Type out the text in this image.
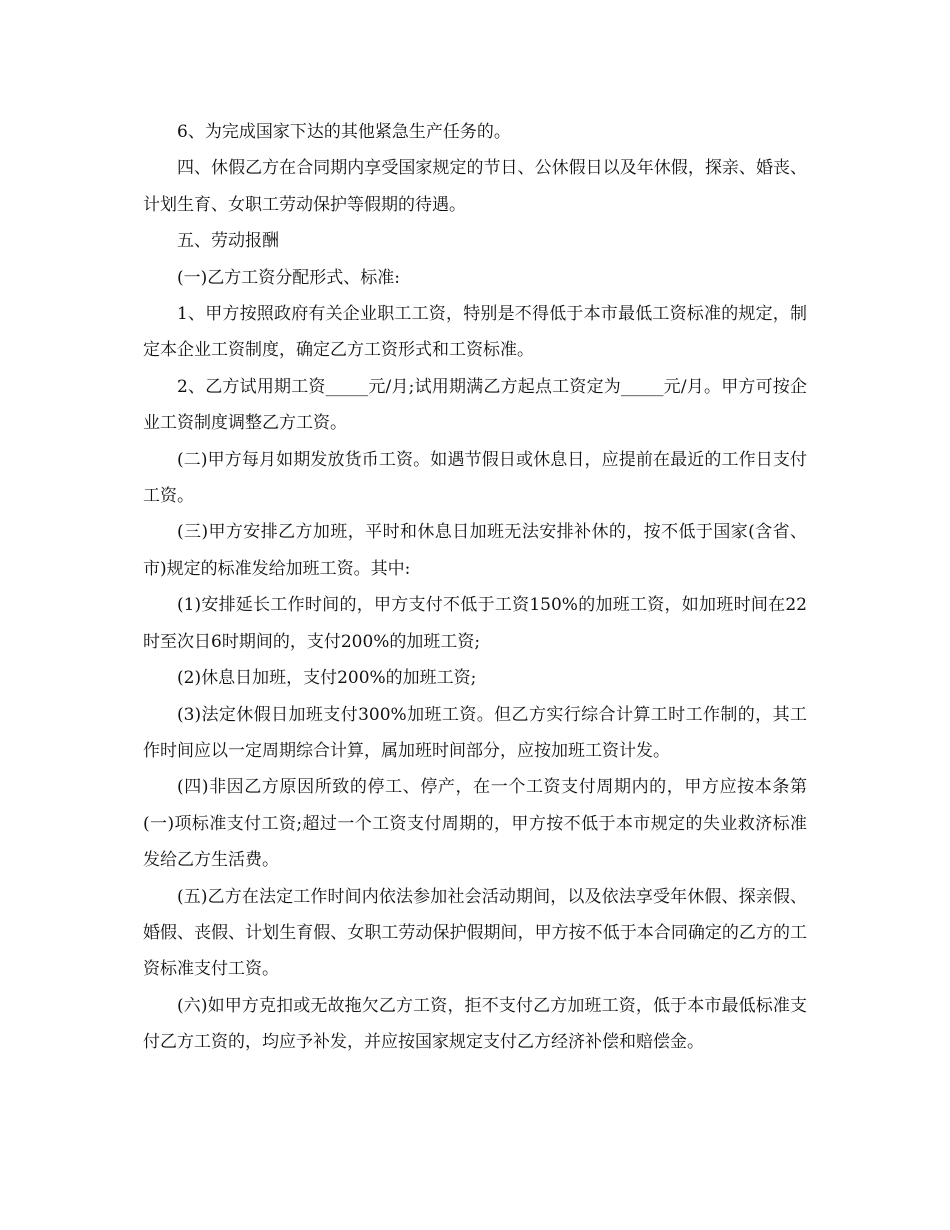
6、为完成国家下达的其他紧急生产任务的。

四、休假乙方在合同期内享受国家规定的节日、公休假日以及年休假，探亲、婚丧、计划生育、女职工劳动保护等假期的待遇。

五、劳动报酬

(一)乙方工资分配形式、标准:

1、甲方按照政府有关企业职工工资，特别是不得低于本市最低工资标准的规定，制定本企业工资制度，确定乙方工资形式和工资标准。

2、乙方试用期工资_____元/月;试用期满乙方起点工资定为_____元/月。甲方可按企业工资制度调整乙方工资。

(二)甲方每月如期发放货币工资。如遇节假日或休息日，应提前在最近的工作日支付工资。

(三)甲方安排乙方加班，平时和休息日加班无法安排补休的，按不低于国家(含省、市)规定的标准发给加班工资。其中:

(1)安排延长工作时间的，甲方支付不低于工资150%的加班工资，如加班时间在22时至次日6时期间的，支付200%的加班工资;

(2)休息日加班，支付200%的加班工资;

(3)法定休假日加班支付300%加班工资。但乙方实行综合计算工时工作制的，其工作时间应以一定周期综合计算，属加班时间部分，应按加班工资计发。

(四)非因乙方原因所致的停工、停产，在一个工资支付周期内的，甲方应按本条第(一)项标准支付工资;超过一个工资支付周期的，甲方按不低于本市规定的失业救济标准发给乙方生活费。

(五)乙方在法定工作时间内依法参加社会活动期间，以及依法享受年休假、探亲假、婚假、丧假、计划生育假、女职工劳动保护假期间，甲方按不低于本合同确定的乙方的工资标准支付工资。

(六)如甲方克扣或无故拖欠乙方工资，拒不支付乙方加班工资，低于本市最低标准支付乙方工资的，均应予补发，并应按国家规定支付乙方经济补偿和赔偿金。
